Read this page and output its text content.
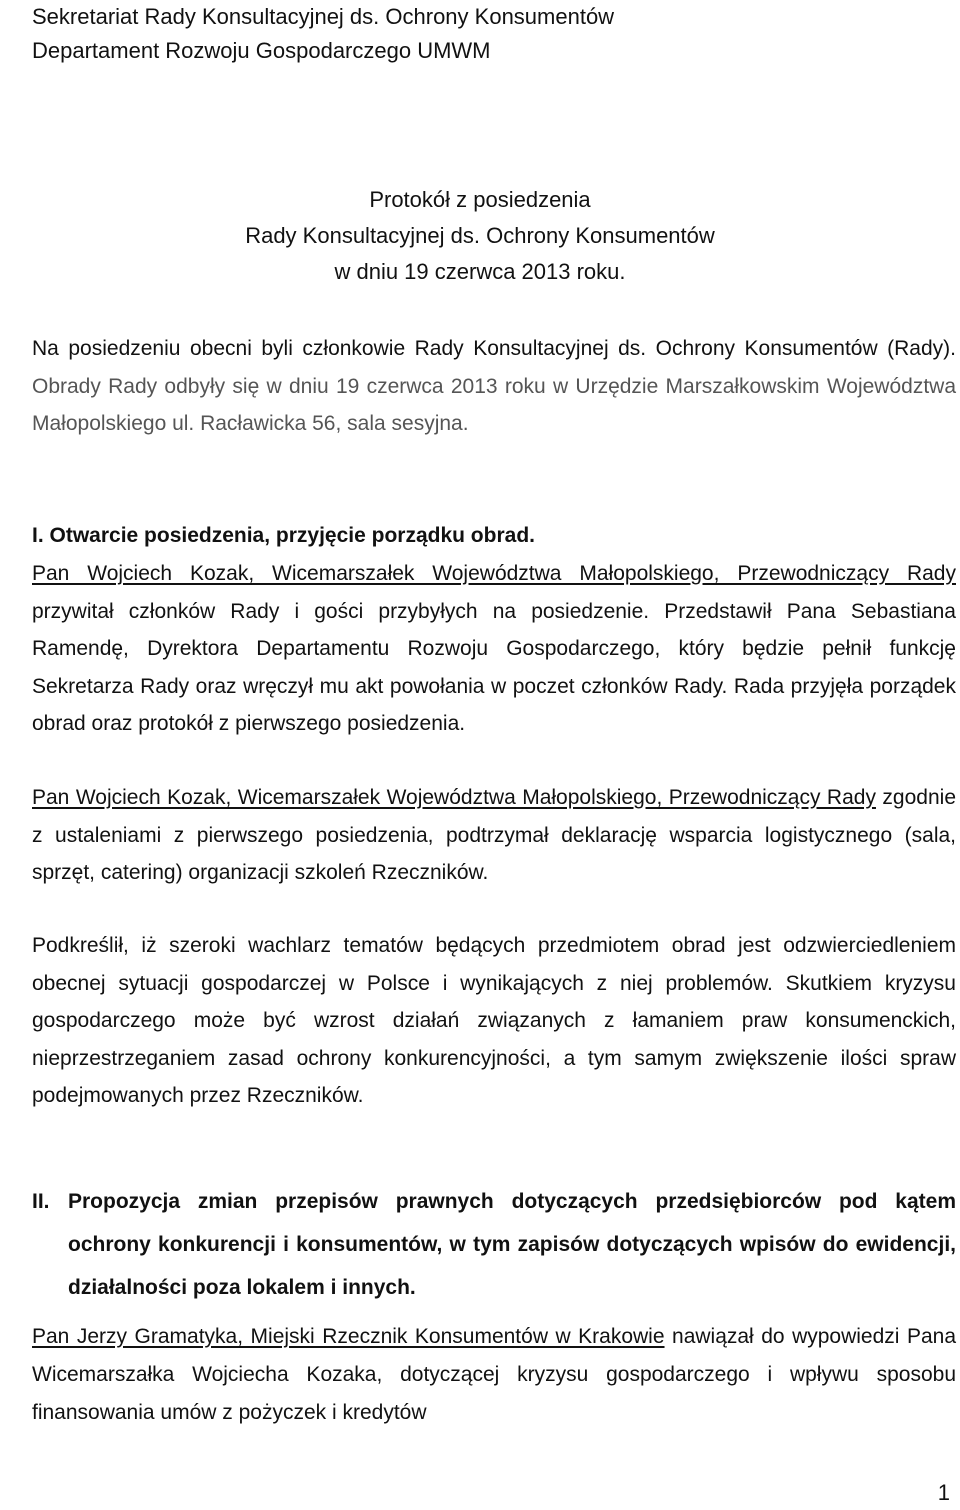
Sekretariat Rady Konsultacyjnej ds. Ochrony Konsumentów
Departament Rozwoju Gospodarczego UMWM
Protokół z posiedzenia
Rady Konsultacyjnej ds. Ochrony Konsumentów
w dniu 19 czerwca 2013 roku.

Na posiedzeniu obecni byli członkowie Rady Konsultacyjnej ds. Ochrony Konsumentów (Rady). Obrady Rady odbyły się w dniu 19 czerwca 2013 roku w Urzędzie Marszałkowskim Województwa Małopolskiego ul. Racławicka 56, sala sesyjna.

I. Otwarcie posiedzenia, przyjęcie porządku obrad.

Pan Wojciech Kozak, Wicemarszałek Województwa Małopolskiego, Przewodniczący Rady przywitał członków Rady i gości przybyłych na posiedzenie. Przedstawił Pana Sebastiana Ramendę, Dyrektora Departamentu Rozwoju Gospodarczego, który będzie pełnił funkcję Sekretarza Rady oraz wręczył mu akt powołania w poczet członków Rady. Rada przyjęła porządek obrad oraz protokół z pierwszego posiedzenia.

Pan Wojciech Kozak, Wicemarszałek Województwa Małopolskiego, Przewodniczący Rady zgodnie z ustaleniami z pierwszego posiedzenia, podtrzymał deklarację wsparcia logistycznego (sala, sprzęt, catering) organizacji szkoleń Rzeczników.

Podkreślił, iż szeroki wachlarz tematów będących przedmiotem obrad jest odzwierciedleniem obecnej sytuacji gospodarczej w Polsce i wynikających z niej problemów. Skutkiem kryzysu gospodarczego może być wzrost działań związanych z łamaniem praw konsumenckich, nieprzestrzeganiem zasad ochrony konkurencyjności, a tym samym zwiększenie ilości spraw podejmowanych przez Rzeczników.

II. Propozycja zmian przepisów prawnych dotyczących przedsiębiorców pod kątem ochrony konkurencji i konsumentów, w tym zapisów dotyczących wpisów do ewidencji, działalności poza lokalem i innych.

Pan Jerzy Gramatyka, Miejski Rzecznik Konsumentów w Krakowie nawiązał do wypowiedzi Pana Wicemarszałka Wojciecha Kozaka, dotyczącej kryzysu gospodarczego i wpływu sposobu finansowania umów z pożyczek i kredytów

1
